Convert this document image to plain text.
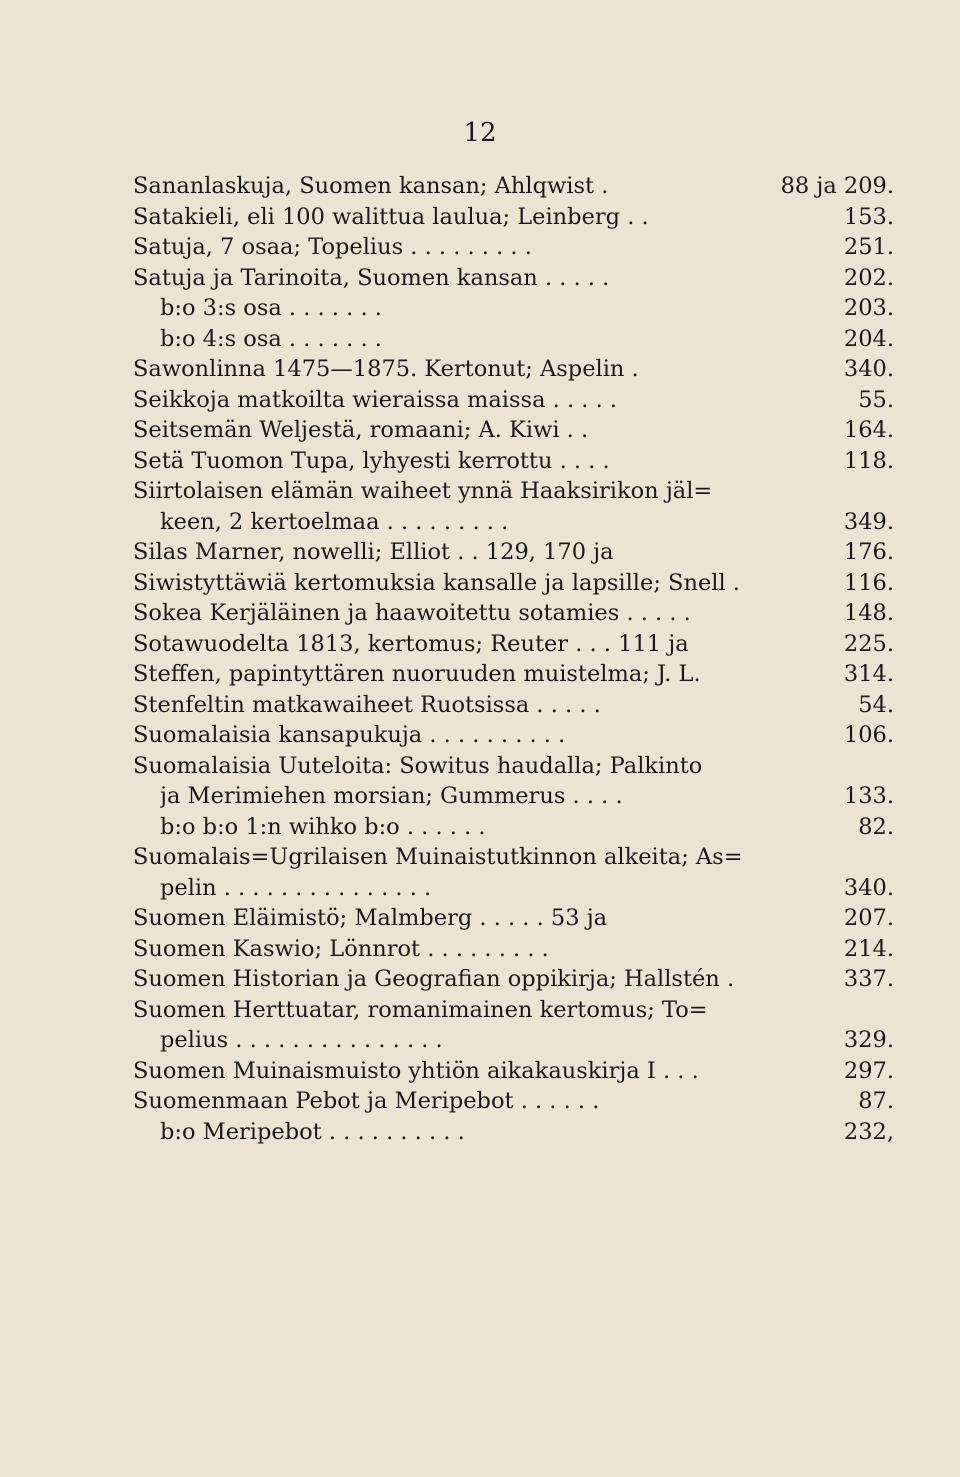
12
Sananlaskuja, Suomen kansan; Ahlqwist .	88 ja 209.
Satakieli, eli 100 walittua laulua; Leinberg . .	153.
Satuja, 7 osaa; Topelius . . . . . . . . .	251.
Satuja ja Tarinoita, Suomen kansan . . . . .	202.
b:o 3:s osa . . . . . . .	203.
b:o 4:s osa . . . . . . .	204.
Sawonlinna 1475—1875. Kertonut; Aspelin .	340.
Seikkoja matkoilta wieraissa maissa . . . . .	55.
Seitsemän Weljestä, romaani; A. Kiwi . .	164.
Setä Tuomon Tupa, lyhyesti kerrottu . . . .	118.
Siirtolaisen elämän waiheet ynnä Haaksirikon jäl=
keen, 2 kertoelmaa . . . . . . . . .	349.
Silas Marner, nowelli; Elliot . . 129, 170 ja	176.
Siwistyttäwiä kertomuksia kansalle ja lapsille; Snell .	116.
Sokea Kerjäläinen ja haawoitettu sotamies . . . . .	148.
Sotawuodelta 1813, kertomus; Reuter . . . 111 ja	225.
Steffen, papintyttären nuoruuden muistelma; J. L.	314.
Stenfeltin matkawaiheet Ruotsissa . . . . .	54.
Suomalaisia kansapukuja . . . . . . . . . .	106.
Suomalaisia Uuteloita: Sowitus haudalla; Palkinto
ja Merimiehen morsian; Gummerus . . . .	133.
b:o b:o 1:n wihko b:o . . . . . .	82.
Suomalais=Ugrilaisen Muinaistutkinnon alkeita; As=
pelin . . . . . . . . . . . . . . .	340.
Suomen Eläimistö; Malmberg . . . . . 53 ja	207.
Suomen Kaswio; Lönnrot . . . . . . . . .	214.
Suomen Historian ja Geografian oppikirja; Hallstén .	337.
Suomen Herttuatar, romanimainen kertomus; To=
pelius . . . . . . . . . . . . . . .	329.
Suomen Muinaismuisto yhtiön aikakauskirja I . . .	297.
Suomenmaan Pebot ja Meripebot . . . . . .	87.
b:o Meripebot . . . . . . . . . .	232,
